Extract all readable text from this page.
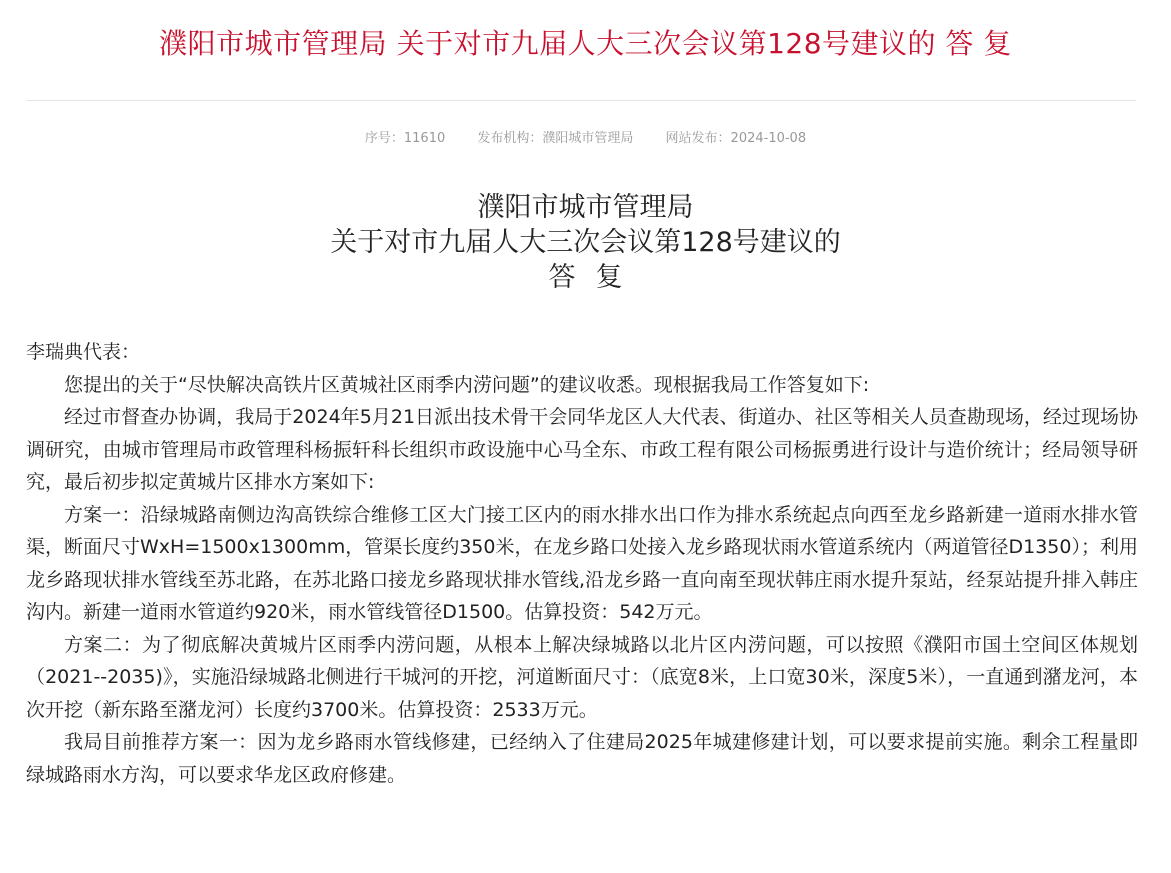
濮阳市城市管理局 关于对市九届人大三次会议第128号建议的 答 复
序号：11610 发布机构：濮阳城市管理局 网站发布：2024-10-08
濮阳市城市管理局
关于对市九届人大三次会议第128号建议的
答复

李瑞典代表：

您提出的关于“尽快解决高铁片区黄城社区雨季内涝问题”的建议收悉。现根据我局工作答复如下:

经过市督查办协调，我局于2024年5月21日派出技术骨干会同华龙区人大代表、街道办、社区等相关人员查勘现场，经过现场协调研究，由城市管理局市政管理科杨振轩科长组织市政设施中心马全东、市政工程有限公司杨振勇进行设计与造价统计；经局领导研究，最后初步拟定黄城片区排水方案如下:

方案一：沿绿城路南侧边沟高铁综合维修工区大门接工区内的雨水排水出口作为排水系统起点向西至龙乡路新建一道雨水排水管渠，断面尺寸WxH=1500x1300mm，管渠长度约350米，在龙乡路口处接入龙乡路现状雨水管道系统内（两道管径D1350）；利用龙乡路现状排水管线至苏北路，在苏北路口接龙乡路现状排水管线,沿龙乡路一直向南至现状韩庄雨水提升泵站，经泵站提升排入韩庄沟内。新建一道雨水管道约920米，雨水管线管径D1500。估算投资：542万元。

方案二：为了彻底解决黄城片区雨季内涝问题，从根本上解决绿城路以北片区内涝问题，可以按照《濮阳市国土空间区体规划（2021--2035)》，实施沿绿城路北侧进行干城河的开挖，河道断面尺寸：（底宽8米，上口宽30米，深度5米），一直通到潴龙河，本次开挖（新东路至潴龙河）长度约3700米。估算投资：2533万元。

我局目前推荐方案一：因为龙乡路雨水管线修建，已经纳入了住建局2025年城建修建计划，可以要求提前实施。剩余工程量即绿城路雨水方沟，可以要求华龙区政府修建。
